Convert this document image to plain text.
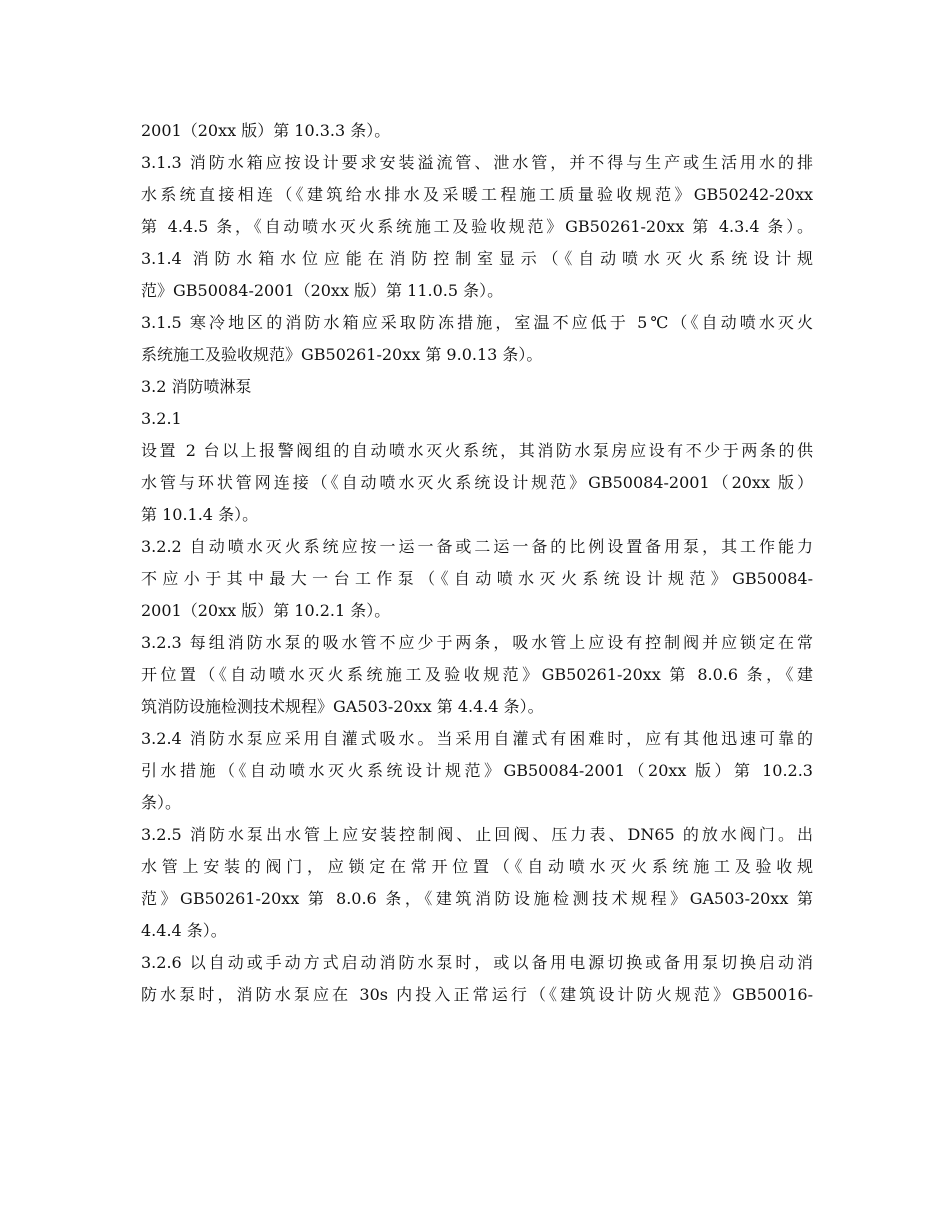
2001（20xx 版）第 10.3.3 条）。
3.1.3 消防水箱应按设计要求安装溢流管、泄水管，并不得与生产或生活用水的排
水系统直接相连（《建筑给水排水及采暖工程施工质量验收规范》GB50242-20xx
第 4.4.5 条，《自动喷水灭火系统施工及验收规范》GB50261-20xx 第 4.3.4 条）。
3.1.4 消防水箱水位应能在消防控制室显示（《自动喷水灭火系统设计规
范》GB50084-2001（20xx 版）第 11.0.5 条）。
3.1.5 寒冷地区的消防水箱应采取防冻措施，室温不应低于 5℃（《自动喷水灭火
系统施工及验收规范》GB50261-20xx 第 9.0.13 条）。
3.2 消防喷淋泵
3.2.1
设置 2 台以上报警阀组的自动喷水灭火系统，其消防水泵房应设有不少于两条的供
水管与环状管网连接（《自动喷水灭火系统设计规范》GB50084-2001（20xx 版）
第 10.1.4 条）。
3.2.2 自动喷水灭火系统应按一运一备或二运一备的比例设置备用泵，其工作能力
不应小于其中最大一台工作泵（《自动喷水灭火系统设计规范》GB50084-
2001（20xx 版）第 10.2.1 条）。
3.2.3 每组消防水泵的吸水管不应少于两条，吸水管上应设有控制阀并应锁定在常
开位置（《自动喷水灭火系统施工及验收规范》GB50261-20xx 第 8.0.6 条，《建
筑消防设施检测技术规程》GA503-20xx 第 4.4.4 条）。
3.2.4 消防水泵应采用自灌式吸水。当采用自灌式有困难时，应有其他迅速可靠的
引水措施（《自动喷水灭火系统设计规范》GB50084-2001（20xx 版）第 10.2.3
条）。
3.2.5 消防水泵出水管上应安装控制阀、止回阀、压力表、DN65 的放水阀门。出
水管上安装的阀门，应锁定在常开位置（《自动喷水灭火系统施工及验收规
范》GB50261-20xx 第 8.0.6 条，《建筑消防设施检测技术规程》GA503-20xx 第
4.4.4 条）。
3.2.6 以自动或手动方式启动消防水泵时，或以备用电源切换或备用泵切换启动消
防水泵时，消防水泵应在 30s 内投入正常运行（《建筑设计防火规范》GB50016-
